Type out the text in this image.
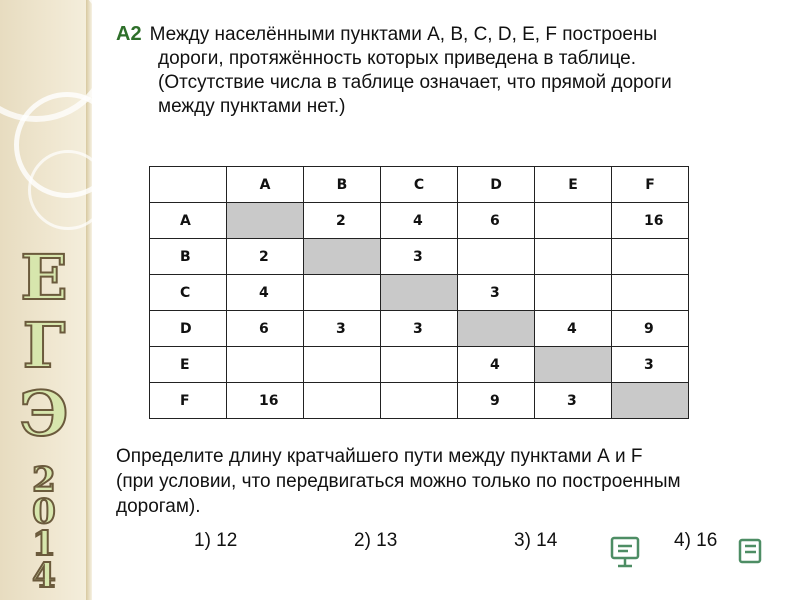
Е
Г
Э
2
0
1
4
А2 Между населёнными пунктами A, B, C, D, E, F построены
дороги, протяжённость которых приведена в таблице.
(Отсутствие числа в таблице означает, что прямой дороги
между пунктами нет.)
	A	B	C	D	E	F
A		2	4	6		16
B	2		3			
C	4			3		
D	6	3	3		4	9
E				4		3
F	16			9	3	
Определите длину кратчайшего пути между пунктами А и F
(при условии, что передвигаться можно только по построенным
дорогам).
1) 12	2) 13	3) 14	4) 16
